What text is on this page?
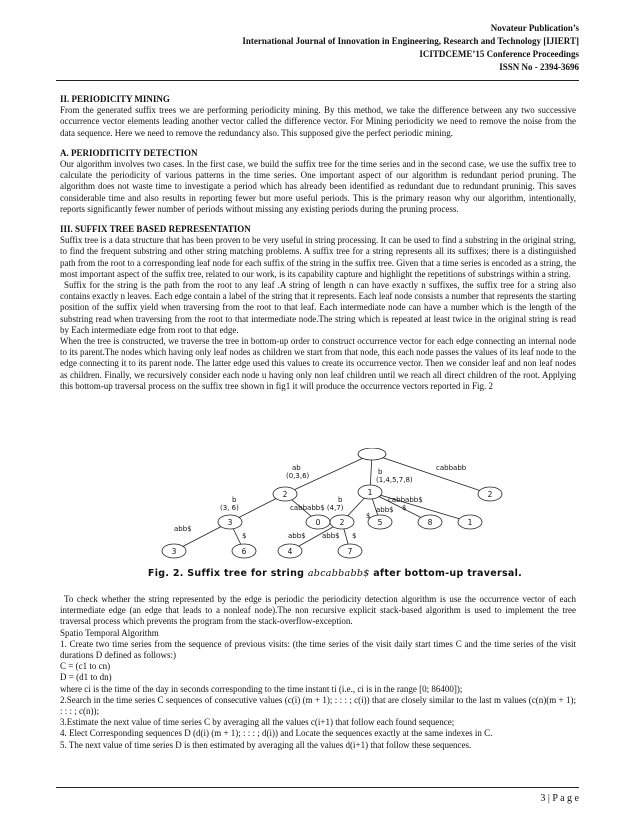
Novateur Publication’s
International Journal of Innovation in Engineering, Research and Technology [IJIERT]
ICITDCEME’15 Conference Proceedings
ISSN No - 2394-3696

II. PERIODICITY MINING

From the generated suffix trees we are performing periodicity mining. By this method, we take the difference between any two successive occurrence vector elements leading another vector called the difference vector. For Mining periodicity we need to remove the noise from the data sequence. Here we need to remove the redundancy also. This supposed give the perfect periodic mining.

A. PERIODITICITY DETECTION

Our algorithm involves two cases. In the first case, we build the suffix tree for the time series and in the second case, we use the suffix tree to calculate the periodicity of various patterns in the time series. One important aspect of our algorithm is redundant period pruning. The algorithm does not waste time to investigate a period which has already been identified as redundant due to redundant pruninig. This saves considerable time and also results in reporting fewer but more useful periods. This is the primary reason why our algorithm, intentionally, reports significantly fewer number of periods without missing any existing periods during the pruning process.

III. SUFFIX TREE BASED REPRESENTATION

Suffix tree is a data structure that has been proven to be very useful in string processing. It can be used to find a substring in the original string, to find the frequent substring and other string matching problems. A suffix tree for a string represents all its suffixes; there is a distinguished path from the root to a corresponding leaf node for each suffix of the string in the suffix tree. Given that a time series is encoded as a string, the most important aspect of the suffix tree, related to our work, is its capability capture and highlight the repetitions of substrings within a string.

Suffix for the string is the path from the root to any leaf .A string of length n can have exactly n suffixes, the suffix tree for a string also contains exactly n leaves. Each edge contain a label of the string that it represents. Each leaf node consists a number that represents the starting position of the suffix yield when traversing from the root to that leaf. Each intermediate node can have a number which is the length of the substring read when traversing from the root to that intermediate node.The string which is repeated at least twice in the original string is read by Each intermediate edge from root to that edge.

When the tree is constructed, we traverse the tree in bottom-up order to construct occurrence vector for each edge connecting an internal node to its parent.The nodes which having only leaf nodes as children we start from that node, this each node passes the values of its leaf node to the edge connecting it to its parent node. The latter edge used this values to create its occurrence vector. Then we consider leaf and non leaf nodes as children. Finally, we recursively consider each node u having only non leaf children until we reach all direct children of the root. Applying this bottom-up traversal process on the suffix tree shown in fig1 it will produce the occurrence vectors reported in Fig. 2

2	1	2
3	0	2	5	8	1
3	6	4	7
ab
(0,3,6)	b
(1,4,5,7,8)
cabbabb
b
(3, 6)	cabbabb$ (4,7)
b	cabbabb$
abb$
abb$
$
$
abb$ abb$ $
$
Fig. 2. Suffix tree for string abcabbabb$ after bottom-up traversal.

To check whether the string represented by the edge is periodic the periodicity detection algorithm is use the occurrence vector of each intermediate edge (an edge that leads to a nonleaf node).The non recursive explicit stack-based algorithm is used to implement the tree traversal process which prevents the program from the stack-overflow-exception.

Spatio Temporal Algorithm

1. Create two time series from the sequence of previous visits: (the time series of the visit daily start times C and the time series of the visit durations D defined as follows:)

C = (c1 to cn)

D = (d1 to dn)

where ci is the time of the day in seconds corresponding to the time instant ti (i.e., ci is in the range [0; 86400]);

2.Search in the time series C sequences of consecutive values (c(i) (m + 1); : : : ; c(i)) that are closely similar to the last m values (c(n)(m + 1); : : : ; c(n));

3.Estimate the next value of time series C by averaging all the values c(i+1) that follow each found sequence;

4. Elect Corresponding sequences D (d(i) (m + 1); : : : ; d(i)) and Locate the sequences exactly at the same indexes in C.

5. The next value of time series D is then estimated by averaging all the values d(i+1) that follow these sequences.

3 | P a g e
